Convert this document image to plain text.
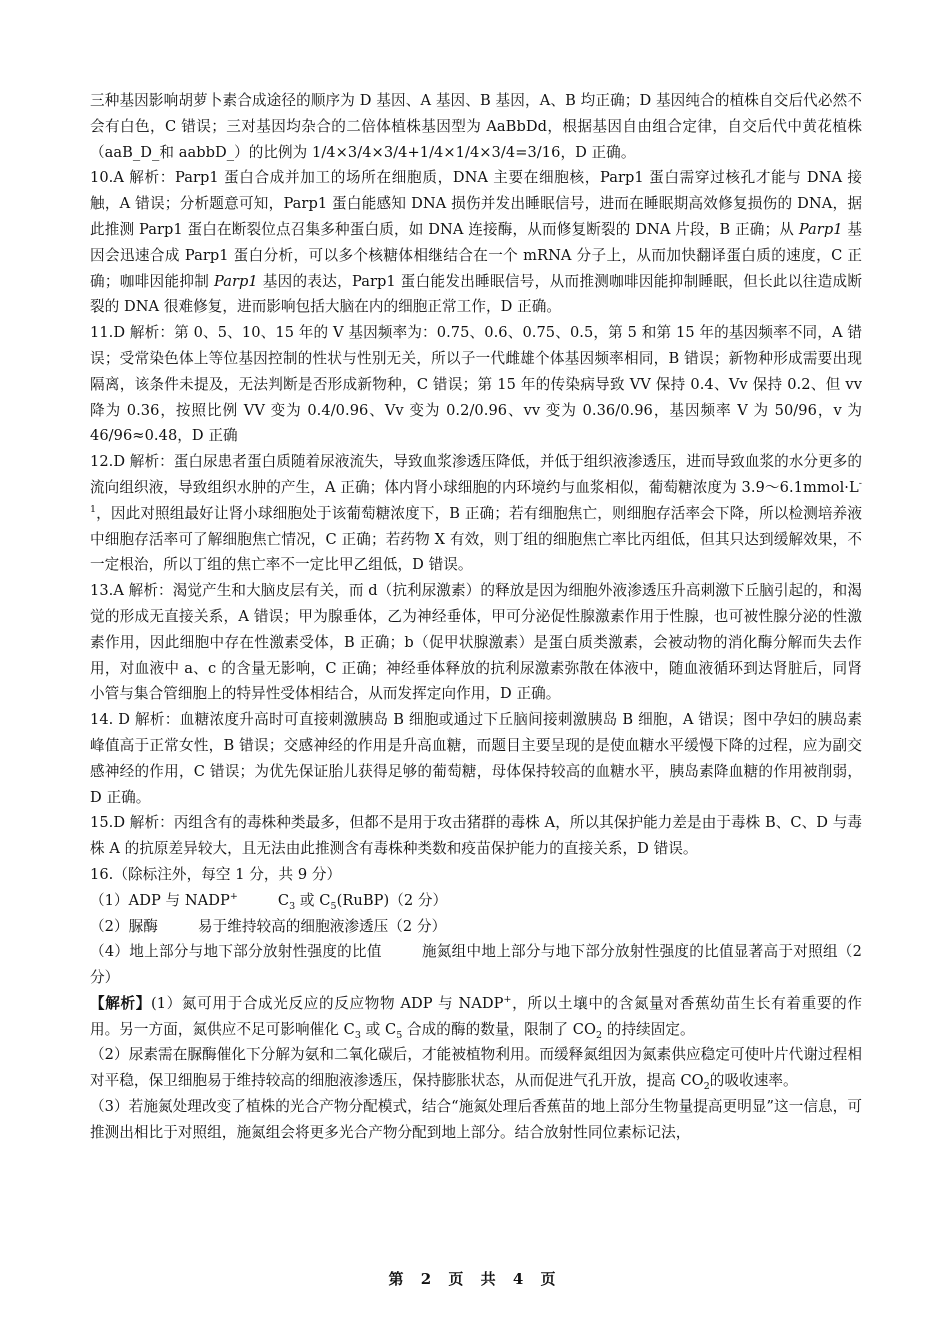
三种基因影响胡萝卜素合成途径的顺序为 D 基因、A 基因、B 基因，A、B 均正确；D 基因纯合的植株自交后代必然不会有白色，C 错误；三对基因均杂合的二倍体植株基因型为 AaBbDd，根据基因自由组合定律，自交后代中黄花植株（aaB_D_和 aabbD_）的比例为 1/4×3/4×3/4+1/4×1/4×3/4=3/16，D 正确。

10.A 解析：Parp1 蛋白合成并加工的场所在细胞质，DNA 主要在细胞核，Parp1 蛋白需穿过核孔才能与 DNA 接触，A 错误；分析题意可知，Parp1 蛋白能感知 DNA 损伤并发出睡眠信号，进而在睡眠期高效修复损伤的 DNA，据此推测 Parp1 蛋白在断裂位点召集多种蛋白质，如 DNA 连接酶，从而修复断裂的 DNA 片段，B 正确；从 Parp1 基因会迅速合成 Parp1 蛋白分析，可以多个核糖体相继结合在一个 mRNA 分子上，从而加快翻译蛋白质的速度，C 正确；咖啡因能抑制 Parp1 基因的表达，Parp1 蛋白能发出睡眠信号，从而推测咖啡因能抑制睡眠，但长此以往造成断裂的 DNA 很难修复，进而影响包括大脑在内的细胞正常工作，D 正确。

11.D 解析：第 0、5、10、15 年的 V 基因频率为：0.75、0.6、0.75、0.5，第 5 和第 15 年的基因频率不同，A 错误；受常染色体上等位基因控制的性状与性别无关，所以子一代雌雄个体基因频率相同，B 错误；新物种形成需要出现隔离，该条件未提及，无法判断是否形成新物种，C 错误；第 15 年的传染病导致 VV 保持 0.4、Vv 保持 0.2、但 vv 降为 0.36，按照比例 VV 变为 0.4/0.96、Vv 变为 0.2/0.96、vv 变为 0.36/0.96，基因频率 V 为 50/96，v 为 46/96≈0.48，D 正确

12.D 解析：蛋白尿患者蛋白质随着尿液流失，导致血浆渗透压降低，并低于组织液渗透压，进而导致血浆的水分更多的流向组织液，导致组织水肿的产生，A 正确；体内肾小球细胞的内环境约与血浆相似，葡萄糖浓度为 $3.9\sim 6.1mmol\cdot L^{-1}$，因此对照组最好让肾小球细胞处于该葡萄糖浓度下，B 正确；若有细胞焦亡，则细胞存活率会下降，所以检测培养液中细胞存活率可了解细胞焦亡情况，C 正确；若药物 X 有效，则丁组的细胞焦亡率比丙组低，但其只达到缓解效果，不一定根治，所以丁组的焦亡率不一定比甲乙组低，D 错误。

13.A 解析：渴觉产生和大脑皮层有关，而 d（抗利尿激素）的释放是因为细胞外液渗透压升高刺激下丘脑引起的，和渴觉的形成无直接关系，A 错误；甲为腺垂体，乙为神经垂体，甲可分泌促性腺激素作用于性腺，也可被性腺分泌的性激素作用，因此细胞中存在性激素受体，B 正确；b（促甲状腺激素）是蛋白质类激素，会被动物的消化酶分解而失去作用，对血液中 a、c 的含量无影响，C 正确；神经垂体释放的抗利尿激素弥散在体液中，随血液循环到达肾脏后，同肾小管与集合管细胞上的特异性受体相结合，从而发挥定向作用，D 正确。

14. D 解析：血糖浓度升高时可直接刺激胰岛 B 细胞或通过下丘脑间接刺激胰岛 B 细胞，A 错误；图中孕妇的胰岛素峰值高于正常女性，B 错误；交感神经的作用是升高血糖，而题目主要呈现的是使血糖水平缓慢下降的过程，应为副交感神经的作用，C 错误；为优先保证胎儿获得足够的葡萄糖，母体保持较高的血糖水平，胰岛素降血糖的作用被削弱，D 正确。

15.D 解析：丙组含有的毒株种类最多，但都不是用于攻击猪群的毒株 A，所以其保护能力差是由于毒株 B、C、D 与毒株 A 的抗原差异较大，且无法由此推测含有毒株种类数和疫苗保护能力的直接关系，D 错误。

16.（除标注外，每空 1 分，共 9 分）

（1）ADP 与 NADP+	$C_3$ 或 $C_5(RuBP)(2$ 分）

（2）脲酶	易于维持较高的细胞液渗透压（2 分）

（4）地上部分与地下部分放射性强度的比值	施氮组中地上部分与地下部分放射性强度的比值显著高于对照组（2 分）

【解析】(1）氮可用于合成光反应的反应物物 ADP 与 NADP+，所以土壤中的含氮量对香蕉幼苗生长有着重要的作用。另一方面，氮供应不足可影响催化 $C_3$ 或 $C_5$ 合成的酶的数量，限制了 $CO_2$ 的持续固定。

（2）尿素需在脲酶催化下分解为氨和二氧化碳后，才能被植物利用。而缓释氮组因为氮素供应稳定可使叶片代谢过程相对平稳，保卫细胞易于维持较高的细胞液渗透压，保持膨胀状态，从而促进气孔开放，提高 $CO_2$的吸收速率。

（3）若施氮处理改变了植株的光合产物分配模式，结合“施氮处理后香蕉苗的地上部分生物量提高更明显”这一信息，可推测出相比于对照组，施氮组会将更多光合产物分配到地上部分。结合放射性同位素标记法，

第 2 页 共 4 页
